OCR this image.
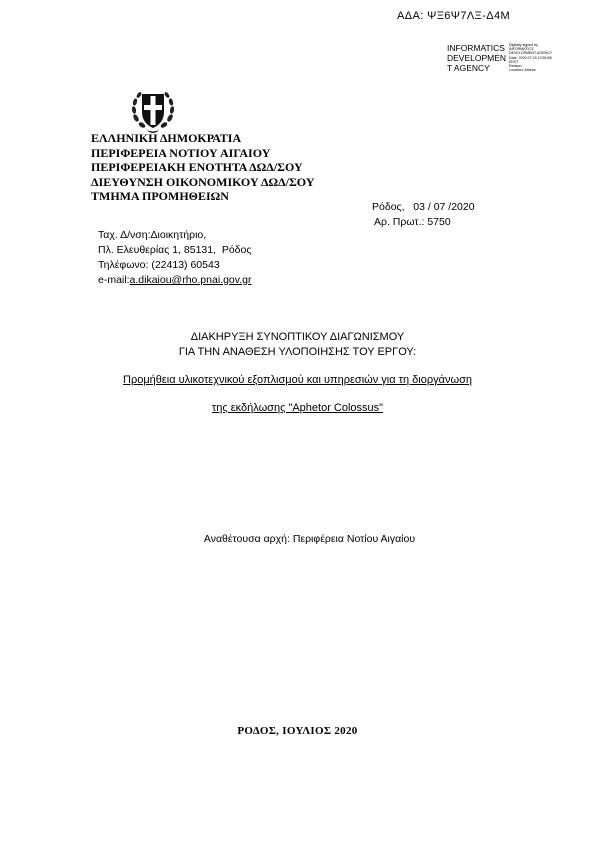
ΑΔΑ: ΨΞ6Ψ7ΛΞ-Δ4Μ
INFORMATICS
DEVELOPMEN
T AGENCY
Digitally signed by
INFORMATICS
DEVELOPMENT AGENCY
Date: 2020.07.03 13:55:58
EEST
Reason:
Location: Athens
ΕΛΛΗΝΙΚΗ ΔΗΜΟΚΡΑΤΙΑ
ΠΕΡΙΦΕΡΕΙΑ ΝΟΤΙΟΥ ΑΙΓΑΙΟΥ
ΠΕΡΙΦΕΡΕΙΑΚΗ ΕΝΟΤΗΤΑ ΔΩΔ/ΣΟΥ
ΔΙΕΥΘΥΝΣΗ ΟΙΚΟΝΟΜΙΚΟΥ ΔΩΔ/ΣΟΥ
ΤΜΗΜΑ ΠΡΟΜΗΘΕΙΩΝ
Ρόδος,   03 / 07 /2020
Αρ. Πρωτ.: 5750
Ταχ. Δ/νση:Διοικητήριο,
Πλ. Ελευθερίας 1, 85131,  Ρόδος
Τηλέφωνο: (22413) 60543
e-mail:a.dikaiou@rho.pnai.gov.gr
ΔΙΑΚΗΡΥΞΗ ΣΥΝΟΠΤΙΚΟΥ ΔΙΑΓΩΝΙΣΜΟΥ
ΓΙΑ ΤΗΝ ΑΝΑΘΕΣΗ ΥΛΟΠΟΙΗΣΗΣ ΤΟΥ ΕΡΓΟΥ:
Προμήθεια υλικοτεχνικού εξοπλισμού και υπηρεσιών για τη διοργάνωση
της εκδήλωσης "Aphetor Colossus"
Αναθέτουσα αρχή: Περιφέρεια Νοτίου Αιγαίου
ΡΟΔΟΣ, ΙΟΥΛΙΟΣ 2020
